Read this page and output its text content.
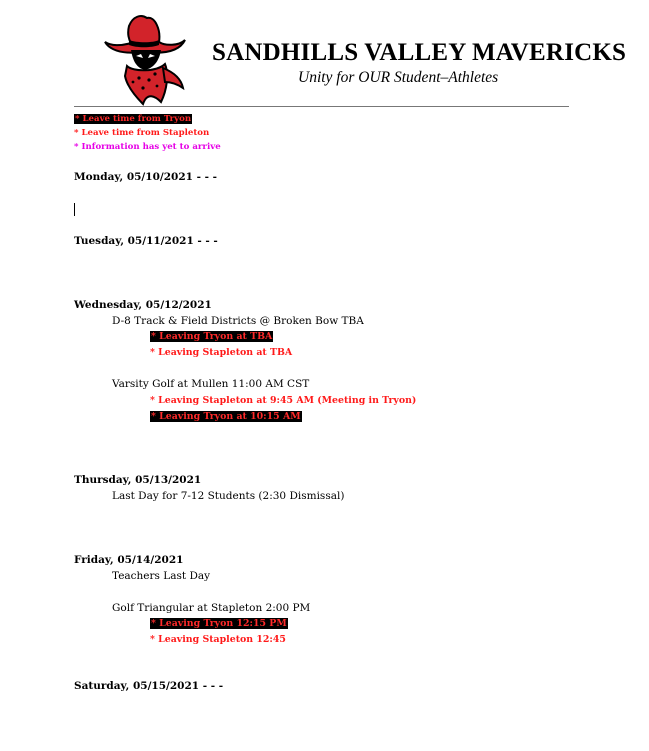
SANDHILLS VALLEY MAVERICKS
Unity for OUR Student–Athletes
* Leave time from Tryon
* Leave time from Stapleton
* Information has yet to arrive
Monday, 05/10/2021 - - -
Tuesday, 05/11/2021 - - -
Wednesday, 05/12/2021
D-8 Track & Field Districts @ Broken Bow TBA
* Leaving Tryon at TBA
* Leaving Stapleton at TBA
Varsity Golf at Mullen 11:00 AM CST
* Leaving Stapleton at 9:45 AM (Meeting in Tryon)
* Leaving Tryon at 10:15 AM
Thursday, 05/13/2021
Last Day for 7-12 Students (2:30 Dismissal)
Friday, 05/14/2021
Teachers Last Day
Golf Triangular at Stapleton 2:00 PM
* Leaving Tryon 12:15 PM
* Leaving Stapleton 12:45
Saturday, 05/15/2021 - - -
